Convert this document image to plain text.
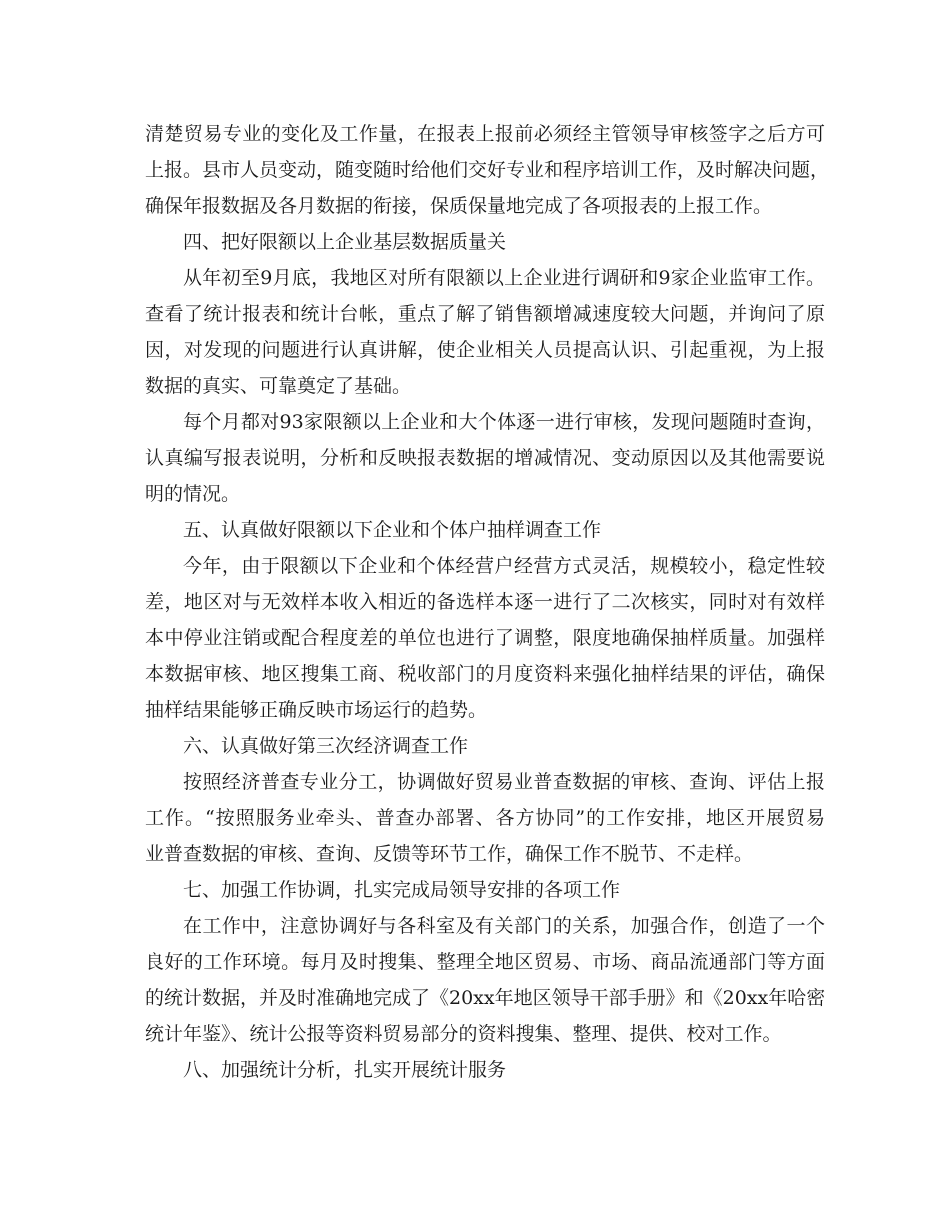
清楚贸易专业的变化及工作量，在报表上报前必须经主管领导审核签字之后方可
上报。县市人员变动，随变随时给他们交好专业和程序培训工作，及时解决问题，
确保年报数据及各月数据的衔接，保质保量地完成了各项报表的上报工作。
四、把好限额以上企业基层数据质量关
从年初至9月底，我地区对所有限额以上企业进行调研和9家企业监审工作。
查看了统计报表和统计台帐，重点了解了销售额增减速度较大问题，并询问了原
因，对发现的问题进行认真讲解，使企业相关人员提高认识、引起重视，为上报
数据的真实、可靠奠定了基础。
每个月都对93家限额以上企业和大个体逐一进行审核，发现问题随时查询，
认真编写报表说明，分析和反映报表数据的增减情况、变动原因以及其他需要说
明的情况。
五、认真做好限额以下企业和个体户抽样调查工作
今年，由于限额以下企业和个体经营户经营方式灵活，规模较小，稳定性较
差，地区对与无效样本收入相近的备选样本逐一进行了二次核实，同时对有效样
本中停业注销或配合程度差的单位也进行了调整，限度地确保抽样质量。加强样
本数据审核、地区搜集工商、税收部门的月度资料来强化抽样结果的评估，确保
抽样结果能够正确反映市场运行的趋势。
六、认真做好第三次经济调查工作
按照经济普查专业分工，协调做好贸易业普查数据的审核、查询、评估上报
工作。“按照服务业牵头、普查办部署、各方协同”的工作安排，地区开展贸易
业普查数据的审核、查询、反馈等环节工作，确保工作不脱节、不走样。
七、加强工作协调，扎实完成局领导安排的各项工作
在工作中，注意协调好与各科室及有关部门的关系，加强合作，创造了一个
良好的工作环境。每月及时搜集、整理全地区贸易、市场、商品流通部门等方面
的统计数据，并及时准确地完成了《20xx年地区领导干部手册》和《20xx年哈密
统计年鉴》、统计公报等资料贸易部分的资料搜集、整理、提供、校对工作。
八、加强统计分析，扎实开展统计服务
